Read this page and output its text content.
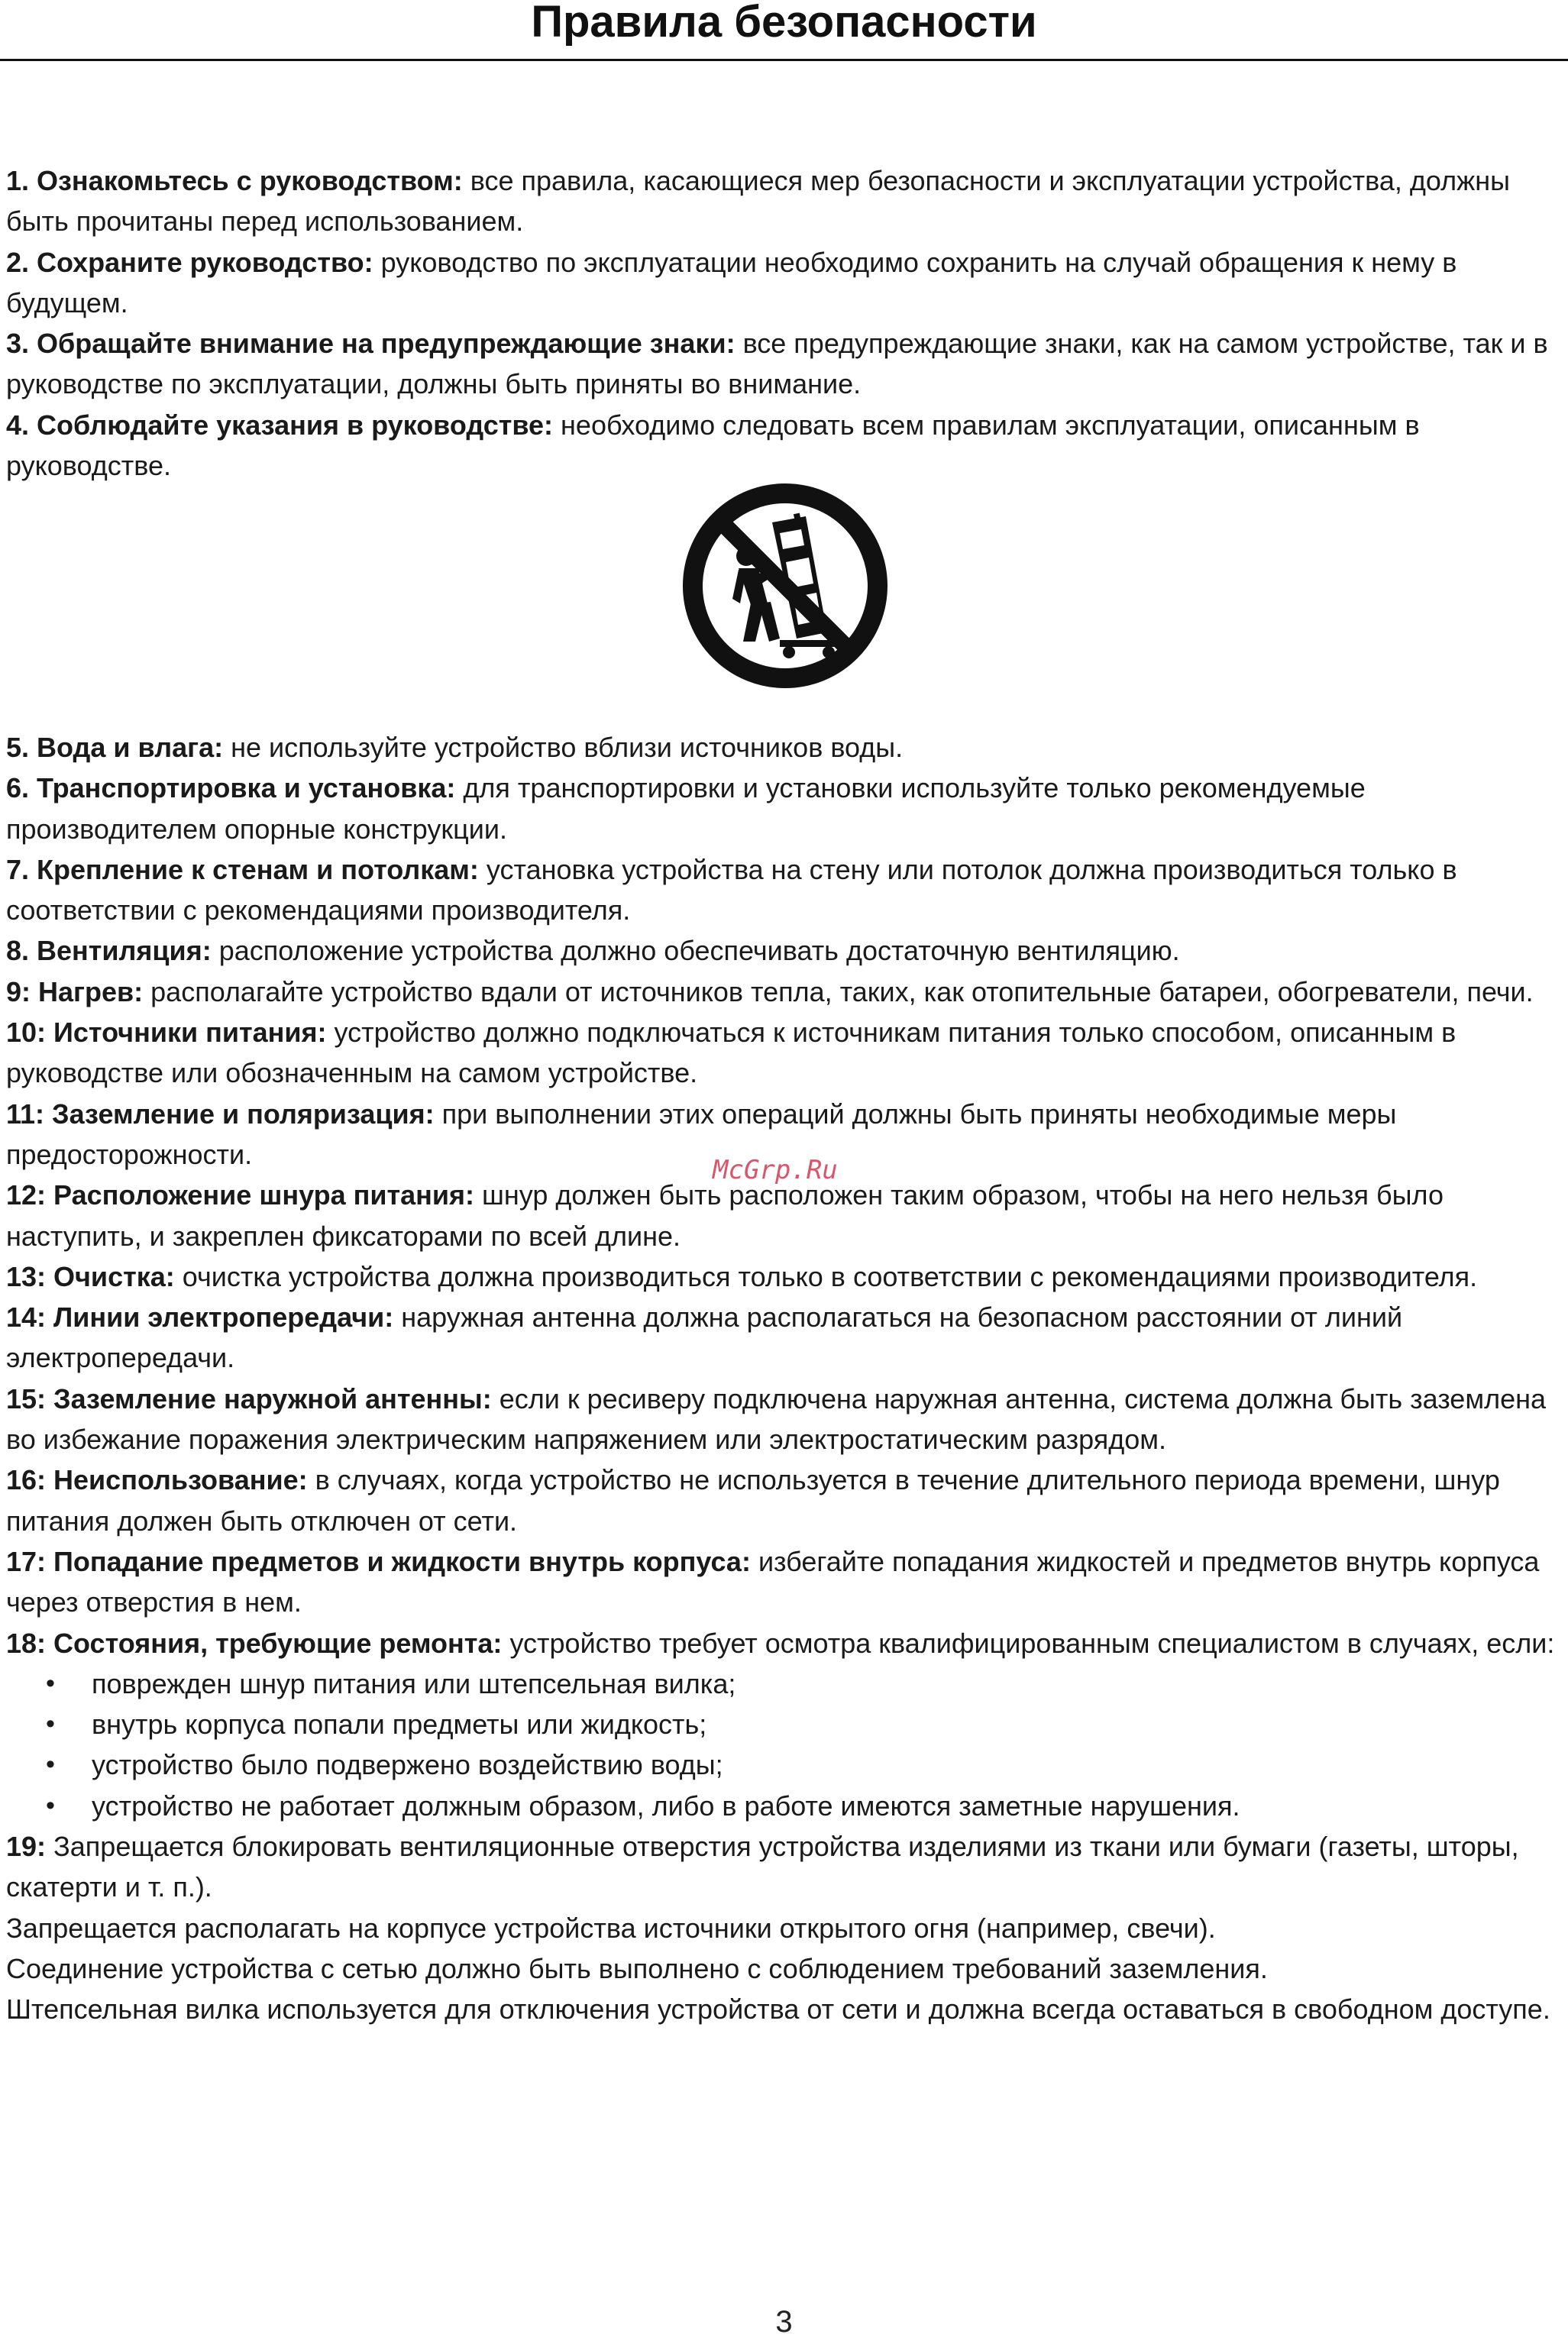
Правила безопасности

1. Ознакомьтесь с руководством: все правила, касающиеся мер безопасности и эксплуатации устройства, должны быть прочитаны перед использованием.

2. Сохраните руководство: руководство по эксплуатации необходимо сохранить на случай обращения к нему в будущем.

3. Обращайте внимание на предупреждающие знаки: все предупреждающие знаки, как на самом устройстве, так и в руководстве по эксплуатации, должны быть приняты во внимание.

4. Соблюдайте указания в руководстве: необходимо следовать всем правилам эксплуатации, описанным в руководстве.

5. Вода и влага: не используйте устройство вблизи источников воды.

6. Транспортировка и установка: для транспортировки и установки используйте только рекомендуемые производителем опорные конструкции.

7. Крепление к стенам и потолкам: установка устройства на стену или потолок должна производиться только в соответствии с рекомендациями производителя.

8. Вентиляция: расположение устройства должно обеспечивать достаточную вентиляцию.

9: Нагрев: располагайте устройство вдали от источников тепла, таких, как отопительные батареи, обогреватели, печи.

10: Источники питания: устройство должно подключаться к источникам питания только способом, описанным в руководстве или обозначенным на самом устройстве.

11: Заземление и поляризация: при выполнении этих операций должны быть приняты необходимые меры предосторожности.

12: Расположение шнура питания: шнур должен быть расположен таким образом, чтобы на него нельзя было наступить, и закреплен фиксаторами по всей длине.

13: Очистка: очистка устройства должна производиться только в соответствии с рекомендациями производителя.

14: Линии электропередачи: наружная антенна должна располагаться на безопасном расстоянии от линий электропередачи.

15: Заземление наружной антенны: если к ресиверу подключена наружная антенна, система должна быть заземлена во избежание поражения электрическим напряжением или электростатическим разрядом.

16: Неиспользование: в случаях, когда устройство не используется в течение длительного периода времени, шнур питания должен быть отключен от сети.

17: Попадание предметов и жидкости внутрь корпуса: избегайте попадания жидкостей и предметов внутрь корпуса через отверстия в нем.

18: Состояния, требующие ремонта: устройство требует осмотра квалифицированным специалистом в случаях, если:

• поврежден шнур питания или штепсельная вилка;
• внутрь корпуса попали предметы или жидкость;
• устройство было подвержено воздействию воды;
• устройство не работает должным образом, либо в работе имеются заметные нарушения.

19: Запрещается блокировать вентиляционные отверстия устройства изделиями из ткани или бумаги (газеты, шторы, скатерти и т. п.).

Запрещается располагать на корпусе устройства источники открытого огня (например, свечи).

Соединение устройства с сетью должно быть выполнено с соблюдением требований заземления.

Штепсельная вилка используется для отключения устройства от сети и должна всегда оставаться в свободном доступе.

McGrp.Ru
3
